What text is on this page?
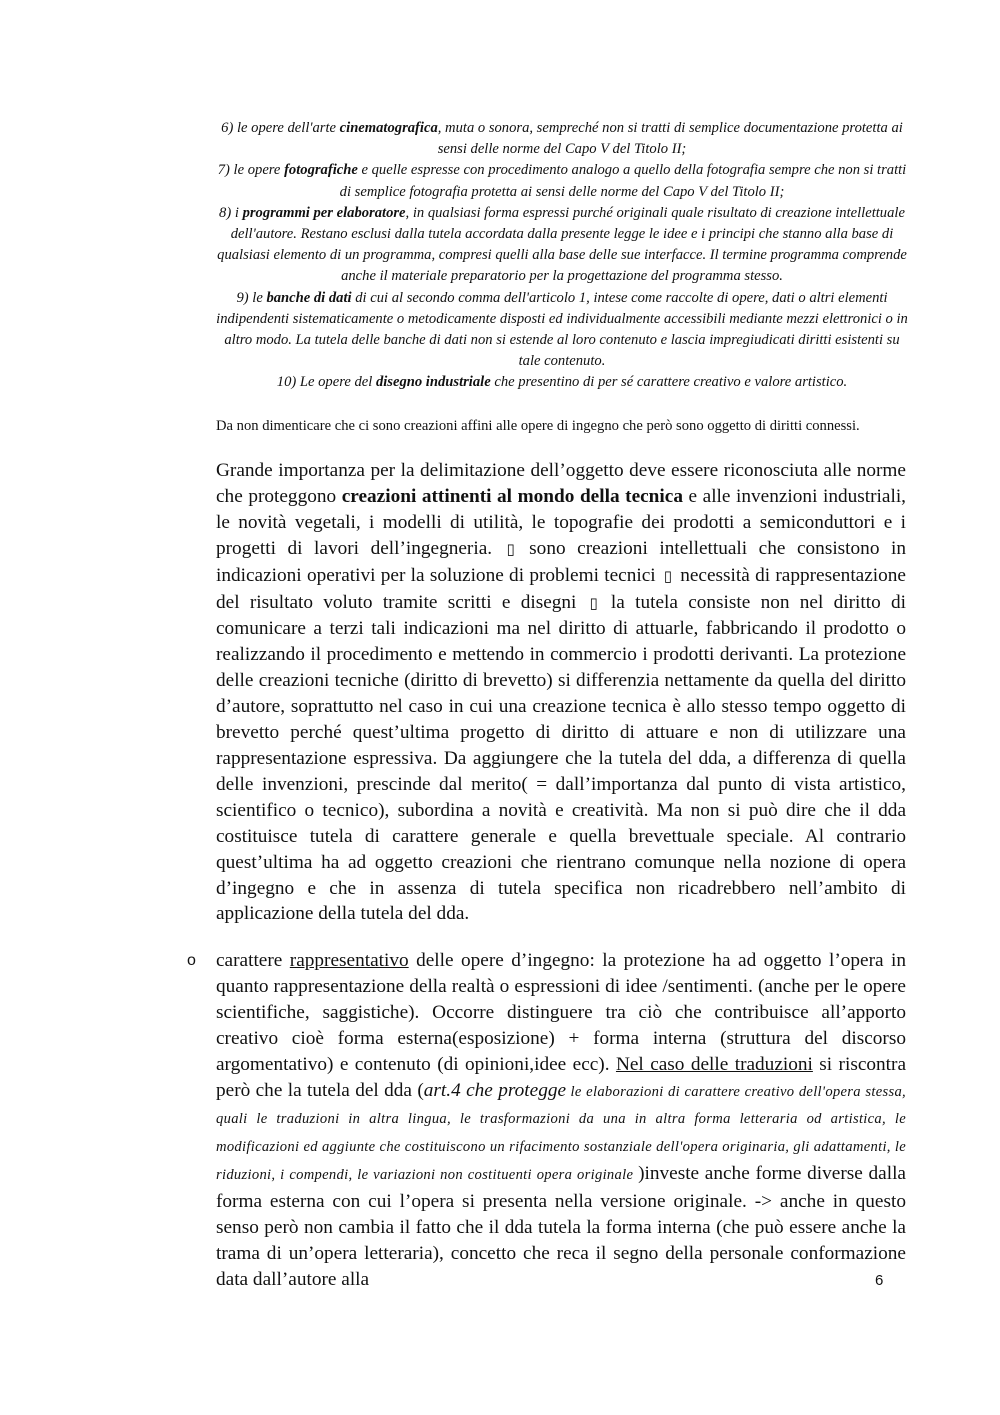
6) le opere dell'arte cinematografica, muta o sonora, sempreché non si tratti di semplice documentazione protetta ai sensi delle norme del Capo V del Titolo II;

7) le opere fotografiche e quelle espresse con procedimento analogo a quello della fotografia sempre che non si tratti di semplice fotografia protetta ai sensi delle norme del Capo V del Titolo II;

8) i programmi per elaboratore, in qualsiasi forma espressi purché originali quale risultato di creazione intellettuale dell'autore. Restano esclusi dalla tutela accordata dalla presente legge le idee e i principi che stanno alla base di qualsiasi elemento di un programma, compresi quelli alla base delle sue interfacce. Il termine programma comprende anche il materiale preparatorio per la progettazione del programma stesso.

9) le banche di dati di cui al secondo comma dell'articolo 1, intese come raccolte di opere, dati o altri elementi indipendenti sistematicamente o metodicamente disposti ed individualmente accessibili mediante mezzi elettronici o in altro modo. La tutela delle banche di dati non si estende al loro contenuto e lascia impregiudicati diritti esistenti su tale contenuto.

10) Le opere del disegno industriale che presentino di per sé carattere creativo e valore artistico.

Da non dimenticare che ci sono creazioni affini alle opere di ingegno che però sono oggetto di diritti connessi.

Grande importanza per la delimitazione dell’oggetto deve essere riconosciuta alle norme che proteggono creazioni attinenti al mondo della tecnica e alle invenzioni industriali, le novità vegetali, i modelli di utilità, le topografie dei prodotti a semiconduttori e i progetti di lavori dell’ingegneria. ▯ sono creazioni intellettuali che consistono in indicazioni operativi per la soluzione di problemi tecnici ▯ necessità di rappresentazione del risultato voluto tramite scritti e disegni ▯ la tutela consiste non nel diritto di comunicare a terzi tali indicazioni ma nel diritto di attuarle, fabbricando il prodotto o realizzando il procedimento e mettendo in commercio i prodotti derivanti. La protezione delle creazioni tecniche (diritto di brevetto) si differenzia nettamente da quella del diritto d’autore, soprattutto nel caso in cui una creazione tecnica è allo stesso tempo oggetto di brevetto perché quest’ultima progetto di diritto di attuare e non di utilizzare una rappresentazione espressiva. Da aggiungere che la tutela del dda, a differenza di quella delle invenzioni, prescinde dal merito( = dall’importanza dal punto di vista artistico, scientifico o tecnico), subordina a novità e creatività. Ma non si può dire che il dda costituisce tutela di carattere generale e quella brevettuale speciale. Al contrario quest’ultima ha ad oggetto creazioni che rientrano comunque nella nozione di opera d’ingegno e che in assenza di tutela specifica non ricadrebbero nell’ambito di applicazione della tutela del dda.

o carattere rappresentativo delle opere d’ingegno: la protezione ha ad oggetto l’opera in quanto rappresentazione della realtà o espressioni di idee /sentimenti. (anche per le opere scientifiche, saggistiche). Occorre distinguere tra ciò che contribuisce all’apporto creativo cioè forma esterna(esposizione) + forma interna (struttura del discorso argomentativo) e contenuto (di opinioni,idee ecc). Nel caso delle traduzioni si riscontra però che la tutela del dda (art.4 che protegge le elaborazioni di carattere creativo dell'opera stessa, quali le traduzioni in altra lingua, le trasformazioni da una in altra forma letteraria od artistica, le modificazioni ed aggiunte che costituiscono un rifacimento sostanziale dell'opera originaria, gli adattamenti, le riduzioni, i compendi, le variazioni non costituenti opera originale )investe anche forme diverse dalla forma esterna con cui l’opera si presenta nella versione originale. -> anche in questo senso però non cambia il fatto che il dda tutela la forma interna (che può essere anche la trama di un’opera letteraria), concetto che reca il segno della personale conformazione data dall’autore alla	6
